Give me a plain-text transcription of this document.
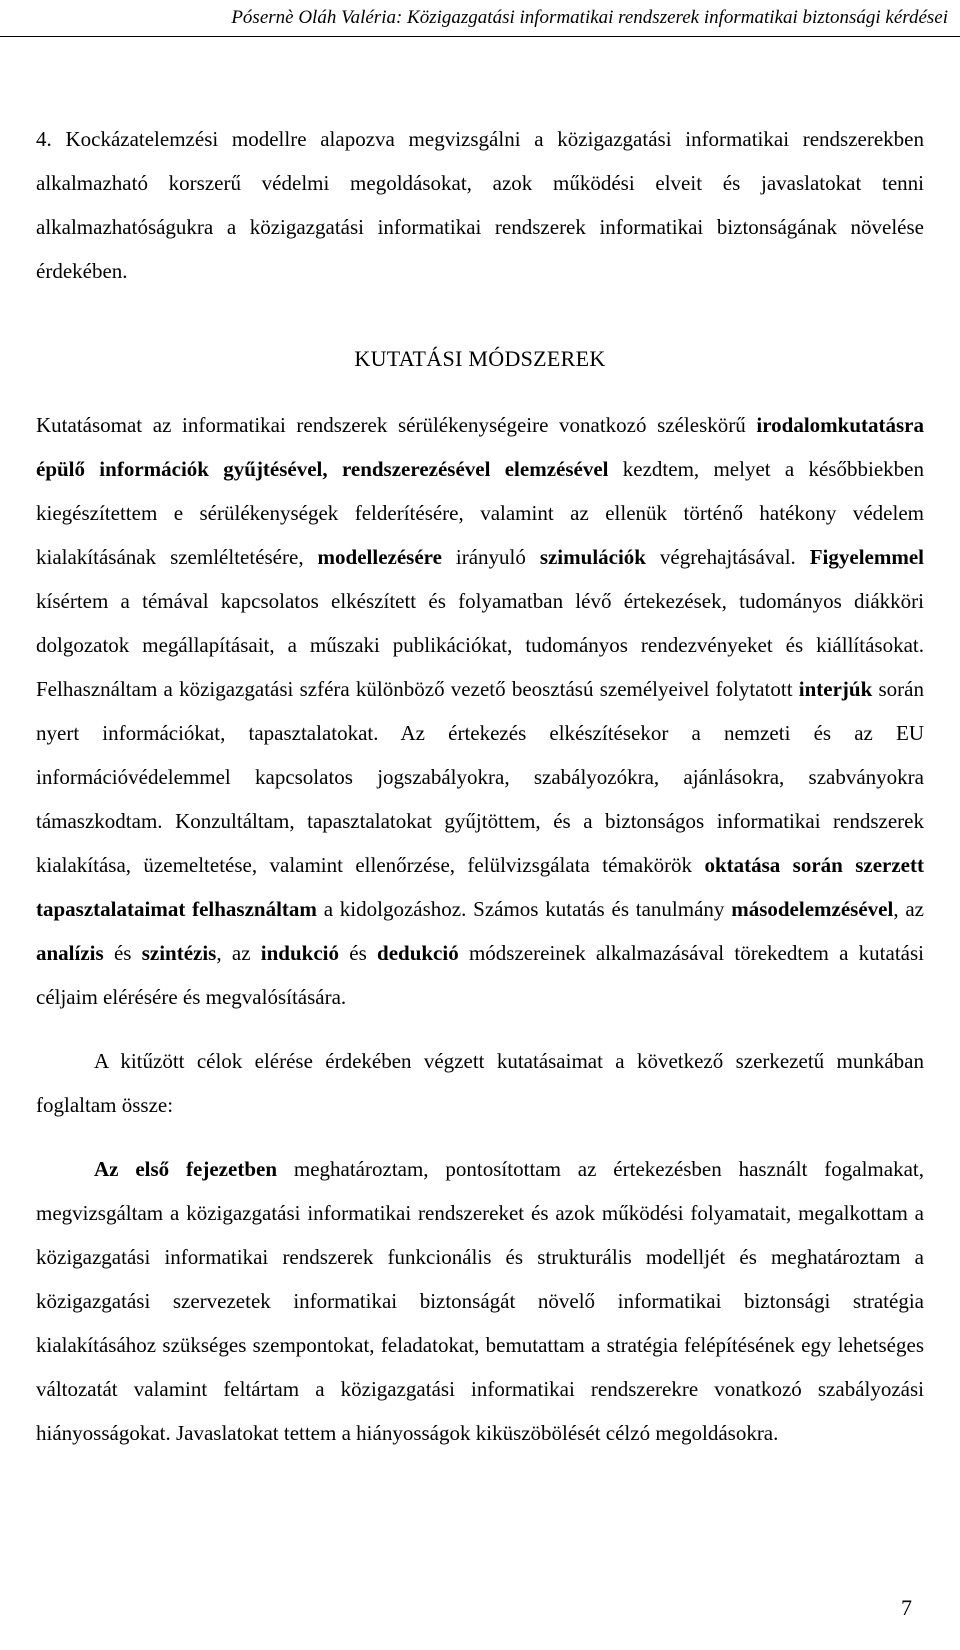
Pósernè Oláh Valéria: Közigazgatási informatikai rendszerek informatikai biztonsági kérdései

4. Kockázatelemzési modellre alapozva megvizsgálni a közigazgatási informatikai rendszerekben alkalmazható korszerű védelmi megoldásokat, azok működési elveit és javaslatokat tenni alkalmazhatóságukra a közigazgatási informatikai rendszerek informatikai biztonságának növelése érdekében.

KUTATÁSI MÓDSZEREK

Kutatásomat az informatikai rendszerek sérülékenységeire vonatkozó széleskörű irodalomkutatásra épülő információk gyűjtésével, rendszerezésével elemzésével kezdtem, melyet a későbbiekben kiegészítettem e sérülékenységek felderítésére, valamint az ellenük történő hatékony védelem kialakításának szemléltetésére, modellezésére irányuló szimulációk végrehajtásával. Figyelemmel kísértem a témával kapcsolatos elkészített és folyamatban lévő értekezések, tudományos diákköri dolgozatok megállapításait, a műszaki publikációkat, tudományos rendezvényeket és kiállításokat. Felhasználtam a közigazgatási szféra különböző vezető beosztású személyeivel folytatott interjúk során nyert információkat, tapasztalatokat. Az értekezés elkészítésekor a nemzeti és az EU információvédelemmel kapcsolatos jogszabályokra, szabályozókra, ajánlásokra, szabványokra támaszkodtam. Konzultáltam, tapasztalatokat gyűjtöttem, és a biztonságos informatikai rendszerek kialakítása, üzemeltetése, valamint ellenőrzése, felülvizsgálata témakörök oktatása során szerzett tapasztalataimat felhasználtam a kidolgozáshoz. Számos kutatás és tanulmány másodelemzésével, az analízis és szintézis, az indukció és dedukció módszereinek alkalmazásával törekedtem a kutatási céljaim elérésére és megvalósítására.

A kitűzött célok elérése érdekében végzett kutatásaimat a következő szerkezetű munkában foglaltam össze:

Az első fejezetben meghatároztam, pontosítottam az értekezésben használt fogalmakat, megvizsgáltam a közigazgatási informatikai rendszereket és azok működési folyamatait, megalkottam a közigazgatási informatikai rendszerek funkcionális és strukturális modelljét és meghatároztam a közigazgatási szervezetek informatikai biztonságát növelő informatikai biztonsági stratégia kialakításához szükséges szempontokat, feladatokat, bemutattam a stratégia felépítésének egy lehetséges változatát valamint feltártam a közigazgatási informatikai rendszerekre vonatkozó szabályozási hiányosságokat. Javaslatokat tettem a hiányosságok kiküszöbölését célzó megoldásokra.

7
